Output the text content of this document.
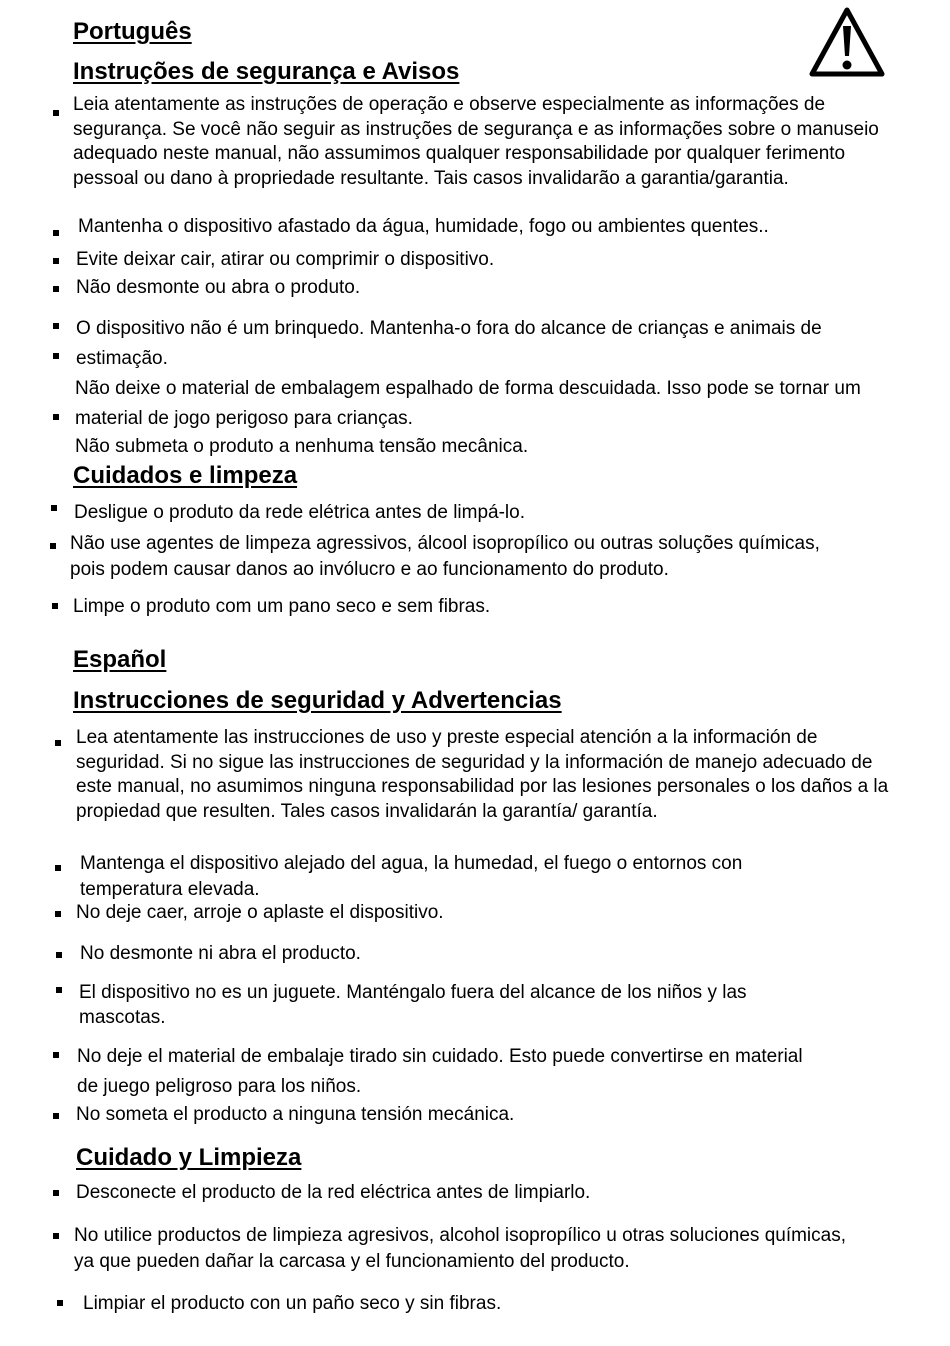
Português
Instruções de segurança e Avisos

Leia atentamente as instruções de operação e observe especialmente as informações de segurança. Se você não seguir as instruções de segurança e as informações sobre o manuseio adequado neste manual, não assumimos qualquer responsabilidade por qualquer ferimento pessoal ou dano à propriedade resultante. Tais casos invalidarão a garantia/garantia.

Mantenha o dispositivo afastado da água, humidade, fogo ou ambientes quentes..

Evite deixar cair, atirar ou comprimir o dispositivo.

Não desmonte ou abra o produto.

O dispositivo não é um brinquedo. Mantenha-o fora do alcance de crianças e animais de estimação.

Não deixe o material de embalagem espalhado de forma descuidada. Isso pode se tornar um material de jogo perigoso para crianças.

Não submeta o produto a nenhuma tensão mecânica.

Cuidados e limpeza

Desligue o produto da rede elétrica antes de limpá-lo.

Não use agentes de limpeza agressivos, álcool isopropílico ou outras soluções químicas, pois podem causar danos ao invólucro e ao funcionamento do produto.

Limpe o produto com um pano seco e sem fibras.

Español
Instrucciones de seguridad y Advertencias

Lea atentamente las instrucciones de uso y preste especial atención a la información de seguridad. Si no sigue las instrucciones de seguridad y la información de manejo adecuado de este manual, no asumimos ninguna responsabilidad por las lesiones personales o los daños a la propiedad que resulten. Tales casos invalidarán la garantía/ garantía.

Mantenga el dispositivo alejado del agua, la humedad, el fuego o entornos con temperatura elevada.

No deje caer, arroje o aplaste el dispositivo.

No desmonte ni abra el producto.

El dispositivo no es un juguete. Manténgalo fuera del alcance de los niños y las mascotas.

No deje el material de embalaje tirado sin cuidado. Esto puede convertirse en material de juego peligroso para los niños.

No someta el producto a ninguna tensión mecánica.

Cuidado y Limpieza

Desconecte el producto de la red eléctrica antes de limpiarlo.

No utilice productos de limpieza agresivos, alcohol isopropílico u otras soluciones químicas, ya que pueden dañar la carcasa y el funcionamiento del producto.

Limpiar el producto con un paño seco y sin fibras.
